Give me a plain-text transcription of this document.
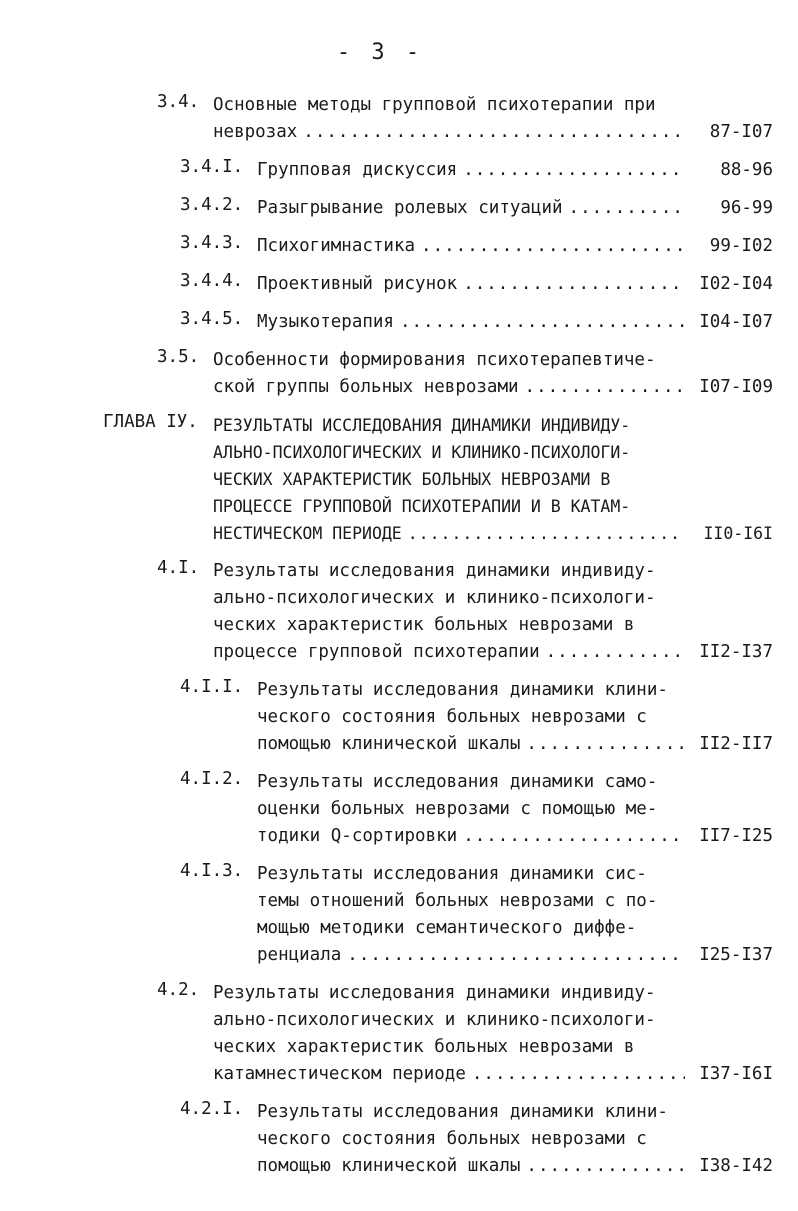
- 3 -
3.4. Основные методы групповой психотерапии при
неврозах .....	87-I07
3.4.I. Групповая дискуссия .....	88-96
3.4.2. Разыгрывание ролевых ситуаций .....	96-99
3.4.3. Психогимнастика .....	99-I02
3.4.4. Проективный рисунок .....	I02-I04
3.4.5. Музыкотерапия .....	I04-I07
3.5. Особенности формирования психотерапевтиче-
ской группы больных неврозами .....	I07-I09
ГЛАВА IУ. РЕЗУЛЬТАТЫ ИССЛЕДОВАНИЯ ДИНАМИКИ ИНДИВИДУ-
АЛЬНО-ПСИХОЛОГИЧЕСКИХ И КЛИНИКО-ПСИХОЛОГИ-
ЧЕСКИХ ХАРАКТЕРИСТИК БОЛЬНЫХ НЕВРОЗАМИ В
ПРОЦЕССЕ ГРУППОВОЙ ПСИХОТЕРАПИИ И В КАТАМ-
НЕСТИЧЕСКОМ ПЕРИОДЕ .....	II0-I6I
4.I. Результаты исследования динамики индивиду-
ально-психологических и клинико-психологи-
ческих характеристик больных неврозами в
процессе групповой психотерапии .....	II2-I37
4.I.I. Результаты исследования динамики клини-
ческого состояния больных неврозами с
помощью клинической шкалы .....	II2-II7
4.I.2. Результаты исследования динамики само-
оценки больных неврозами с помощью ме-
тодики Q-сортировки .....	II7-I25
4.I.3. Результаты исследования динамики сис-
темы отношений больных неврозами с по-
мощью методики семантического диффе-
ренциала .....	I25-I37
4.2. Результаты исследования динамики индивиду-
ально-психологических и клинико-психологи-
ческих характеристик больных неврозами в
катамнестическом периоде .....	I37-I6I
4.2.I. Результаты исследования динамики клини-
ческого состояния больных неврозами с
помощью клинической шкалы .....	I38-I42
